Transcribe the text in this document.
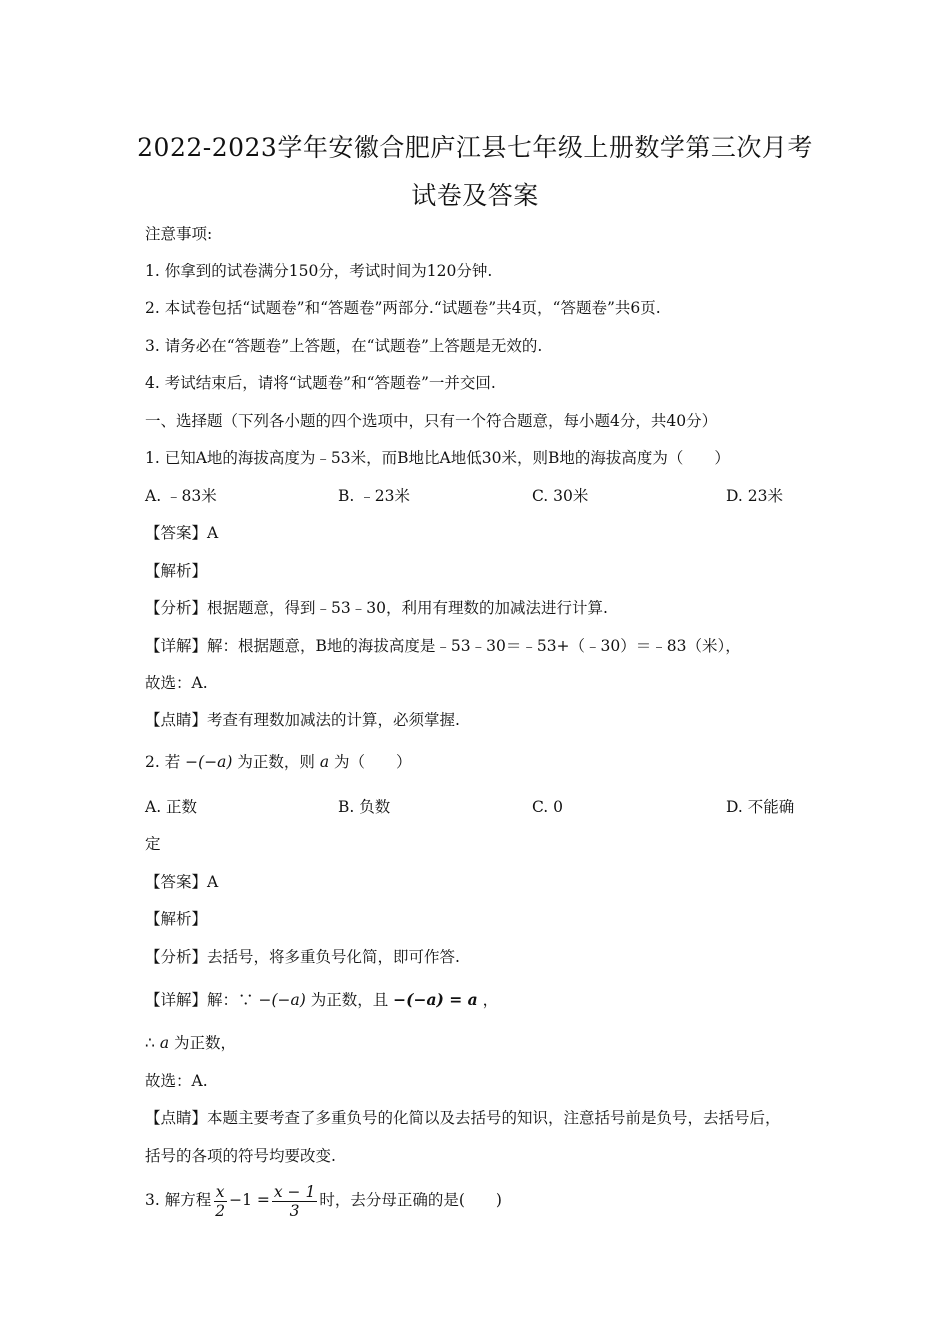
2022-2023学年安徽合肥庐江县七年级上册数学第三次月考
试卷及答案
注意事项:
1. 你拿到的试卷满分150分，考试时间为120分钟.
2. 本试卷包括“试题卷”和“答题卷”两部分.“试题卷”共4页，“答题卷”共6页.
3. 请务必在“答题卷”上答题，在“试题卷”上答题是无效的.
4. 考试结束后，请将“试题卷”和“答题卷”一并交回.
一、选择题（下列各小题的四个选项中，只有一个符合题意，每小题4分，共40分）
1. 已知A地的海拔高度为﹣53米，而B地比A地低30米，则B地的海拔高度为（　　）
A. ﹣83米	B. ﹣23米	C. 30米	D. 23米
【答案】A
【解析】
【分析】根据题意，得到﹣53﹣30，利用有理数的加减法进行计算.
【详解】解：根据题意，B地的海拔高度是﹣53﹣30＝﹣53+（﹣30）＝﹣83（米），
故选：A.
【点睛】考查有理数加减法的计算，必须掌握.
2. 若 −(−a) 为正数，则 a 为（　　）
A. 正数	B. 负数	C. 0	D. 不能确
定
【答案】A
【解析】
【分析】去括号，将多重负号化简，即可作答.
【详解】解：∵ −(−a) 为正数，且 −(−a) = a ，
∴ a 为正数，
故选：A.
【点睛】本题主要考查了多重负号的化简以及去括号的知识，注意括号前是负号，去括号后，
括号的各项的符号均要改变.
3. 解方程 $\frac{x}{2} -1 = \frac{x - 1}{3}$ 时，去分母正确的是(　　)
